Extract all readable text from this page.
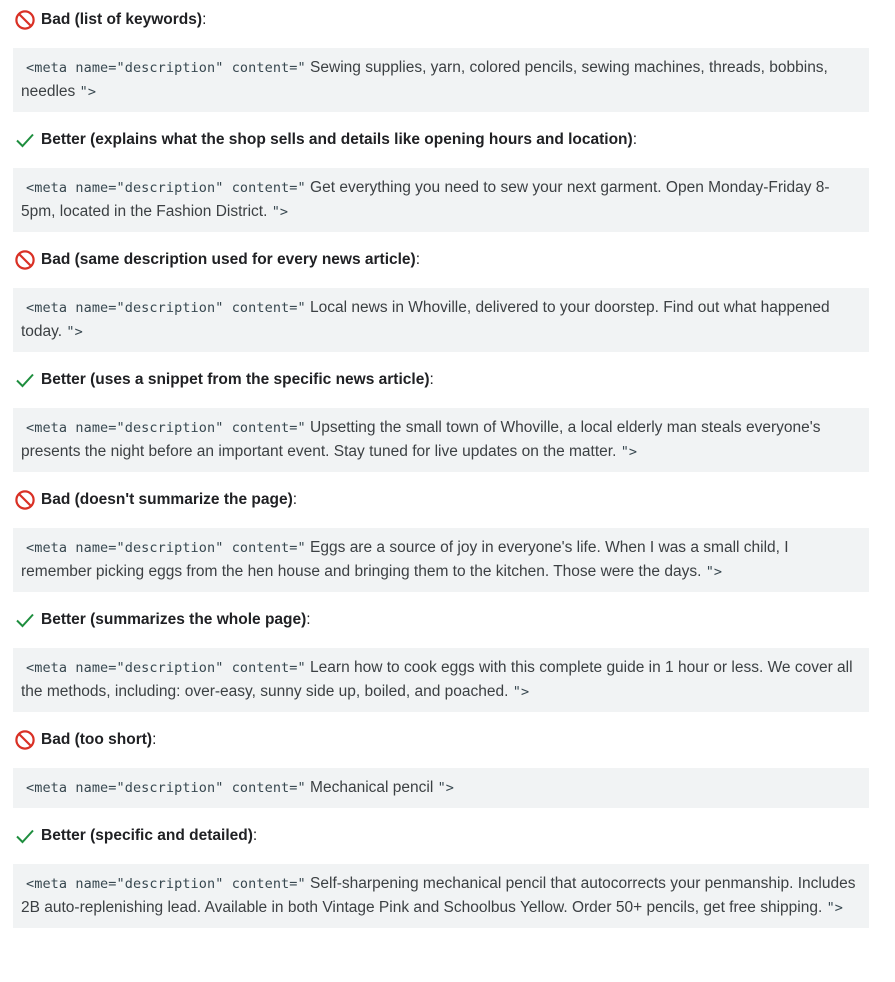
Bad (list of keywords) :
<meta name="description" content=" Sewing supplies, yarn, colored pencils, sewing machines, threads, bobbins, needles ">
Better (explains what the shop sells and details like opening hours and location) :
<meta name="description" content=" Get everything you need to sew your next garment. Open Monday-Friday 8-5pm, located in the Fashion District. ">
Bad (same description used for every news article) :
<meta name="description" content=" Local news in Whoville, delivered to your doorstep. Find out what happened today. ">
Better (uses a snippet from the specific news article) :
<meta name="description" content=" Upsetting the small town of Whoville, a local elderly man steals everyone's presents the night before an important event. Stay tuned for live updates on the matter. ">
Bad (doesn't summarize the page) :
<meta name="description" content=" Eggs are a source of joy in everyone's life. When I was a small child, I remember picking eggs from the hen house and bringing them to the kitchen. Those were the days. ">
Better (summarizes the whole page) :
<meta name="description" content=" Learn how to cook eggs with this complete guide in 1 hour or less. We cover all the methods, including: over-easy, sunny side up, boiled, and poached. ">
Bad (too short) :
<meta name="description" content=" Mechanical pencil ">
Better (specific and detailed) :
<meta name="description" content=" Self-sharpening mechanical pencil that autocorrects your penmanship. Includes 2B auto-replenishing lead. Available in both Vintage Pink and Schoolbus Yellow. Order 50+ pencils, get free shipping. ">
